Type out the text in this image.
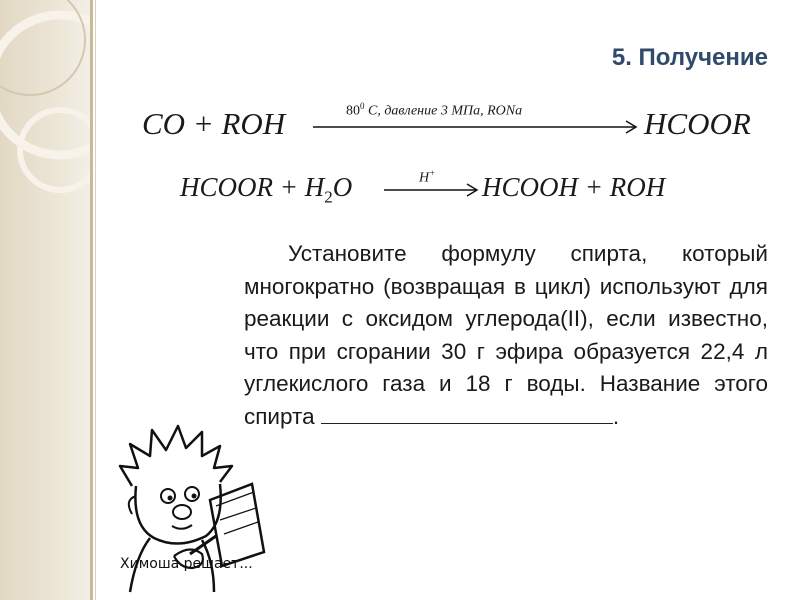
5. Получение
CO + ROH	$80^0$ C, давление 3 МПа, RONa	HCOOR
HCOOR + $H_2O$	H+ HCOOH + ROH
Установите формулу спирта, который многократно (возвращая в цикл) используют для реакции с оксидом углерода(II), если известно, что при сгорании 30 г эфира образуется 22,4 л углекислого газа и 18 г воды. Название этого спирта	.
Химоша решает...
